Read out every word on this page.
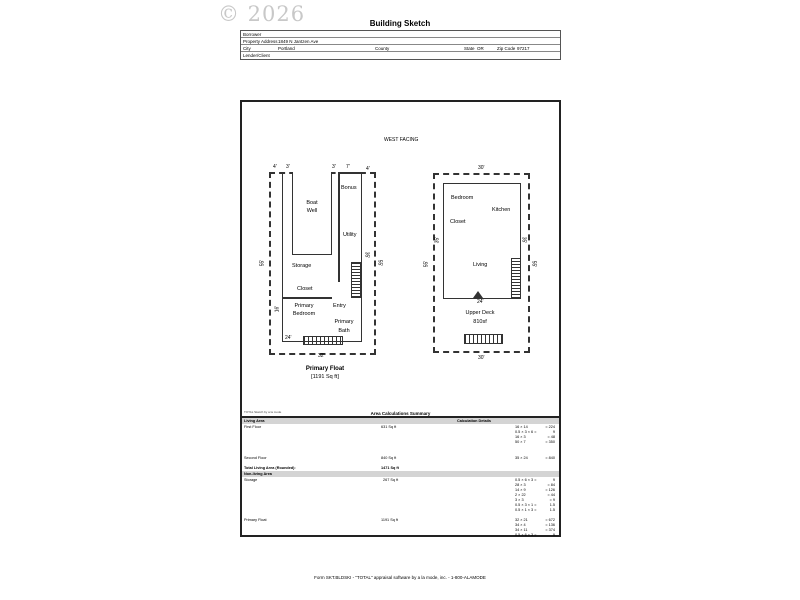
© 2026	Building Sketch
Borrower
Property Address 1849 N Jantzen Ave
City	Portland	County	State OR	Zip Code 97217
Lender/Client
WEST FACING
4' 3'	3' 7'	4'
55'	55'
35'
16'
24'
32'
Boat Well
Bonus
Utility
Storage
Closet
Primary Bedroom
Entry
Primary Bath
Primary Float
[1191 Sq ft]
30'
55'
35'	35'
55'
24'
30'
Bedroom
Kitchen
Closet
Living
Upper Deck
810sf
TOTAL Sketch by a la mode	Area Calculations Summary
Living Area	Calculation Details
First Floor	631 Sq ft	16 × 14	= 224
0.5 × 3 × 6 =	9
16 × 3	= 48
50 × 7	= 350
Second Floor	840 Sq ft	35 × 24	= 840
Total Living Area (Rounded):	1471 Sq ft
Non-living Area
Storage	267 Sq ft	0.5 × 6 × 3 =	9
28 × 3	= 84
14 × 9	= 126
2 × 22	= 44
3 × 3	= 9
0.5 × 3 × 1 =	1.5
0.5 × 1 × 3 =	1.5
Primary Float	1191 Sq ft	32 × 21	= 672
34 × 4	= 136
34 × 11	= 374
0.5 × 6 × 3 =	9
Form SKT.BLDSKI - "TOTAL" appraisal software by a la mode, inc. - 1-800-ALAMODE
